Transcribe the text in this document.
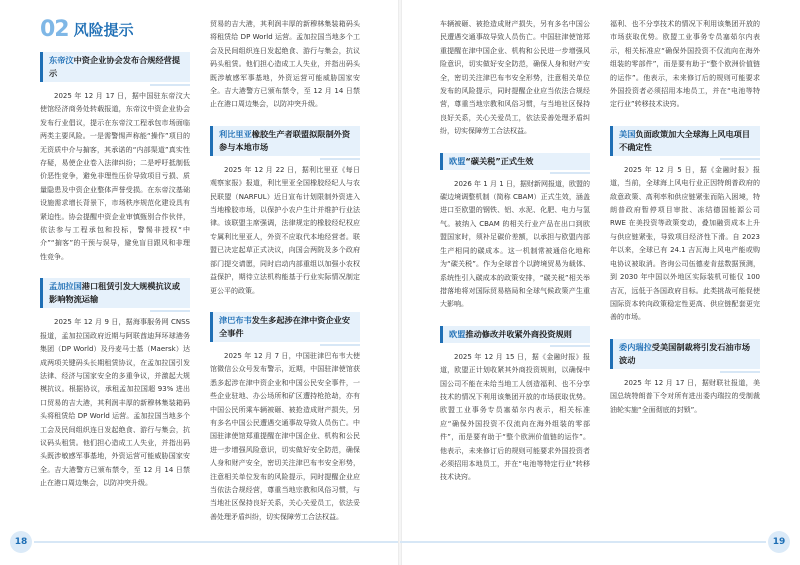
02 风险提示
东帝汶中资企业协会发布合规经营提示

2025 年 12 月 17 日，据中国驻东帝汶大使馆经济商务处转载报道，东帝汶中资企业协会发布行业倡议，提示在东帝汶工程承包市场面临两类主要风险。一是需警惕声称能“操作”项目的无资质中介与掮客，其承诺的“内部渠道”真实性存疑，易使企业卷入法律纠纷；二是呼吁抵制低价恶性竞争，避免非理性压价导致项目亏损、质量隐患及中资企业整体声誉受损。在东帝汶基础设施需求增长背景下，市场秩序规范化建设具有紧迫性。协会提醒中资企业审慎甄别合作伙伴，依法参与工程承包和投标，警惕非授权“中介”“掮客”的干预与误导，避免盲目跟风和非理性竞争。

孟加拉国港口租赁引发大规模抗议或影响物流运输

2025 年 12 月 9 日，据海事服务网 CNSS 报道，孟加拉国政府近期与阿联酋迪拜环球港务集团（DP World）及丹麦马士基（Maersk）达成两项关键码头长期租赁协议，在孟加拉国引发法律、经济与国家安全的多重争议，并激起大规模抗议。根据协议，承租孟加拉国超 93% 进出口贸易的吉大港，其利润丰厚的新穆林集装箱码头将租赁给 DP World 运营。孟加拉国当地多个工会及民间组织连日发起绝食、游行与集会，抗议码头租赁。他们担心造成工人失业，并指出码头既涉敏感军事基地，外资运营可能威胁国家安全。吉大港警方已颁布禁令，至 12 月 14 日禁止在港口周边集会，以防冲突升级。

贸易的吉大港，其利润丰厚的新穆林集装箱码头将租赁给 DP World 运营。孟加拉国当地多个工会及民间组织连日发起绝食、游行与集会，抗议码头租赁。他们担心造成工人失业，并指出码头既涉敏感军事基地，外资运营可能威胁国家安全。吉大港警方已颁布禁令，至 12 月 14 日禁止在港口周边集会，以防冲突升级。

利比里亚橡胶生产者联盟拟限制外资参与本地市场

2025 年 12 月 22 日，据利比里亚《每日观察家报》报道，利比里亚全国橡胶经纪人与农民联盟（NARFUL）近日宣布计划限制外资进入当地橡胶市场，以保护小农户生计并维护行业法律。该联盟主席强调，法律规定的橡胶经纪权应专属利比里亚人，外资不应取代本地经营者。联盟已决定起草正式决议，向国会两院及多个政府部门提交请愿，同时启动内部重组以加强小农权益保护，期待立法机构能基于行业实际情况制定更公平的政策。

津巴布韦发生多起涉在津中资企业安全事件

2025 年 12 月 7 日，中国驻津巴布韦大使馆微信公众号发布警示，近期，中国驻津使馆获悉多起涉在津中资企业和中国公民安全事件，一些企业驻地、办公场所和矿区遭持枪抢劫，亦有中国公民所乘车辆被砸、被抢造成财产损失，另有多名中国公民遭遇交通事故导致人员伤亡。中国驻津使馆郑重提醒在津中国企业、机构和公民进一步增强风险意识，切实做好安全防范，确保人身和财产安全，密切关注津巴布韦安全形势，注意相关单位发布的风险提示，同时提醒企业应当依法合规经营，尊重当地宗教和风俗习惯，与当地社区保持良好关系，关心关爱员工，依法妥善处理矛盾纠纷，切实保障劳工合法权益。

18

车辆被砸、被抢造成财产损失，另有多名中国公民遭遇交通事故导致人员伤亡。中国驻津使馆郑重提醒在津中国企业、机构和公民进一步增强风险意识，切实做好安全防范，确保人身和财产安全，密切关注津巴布韦安全形势，注意相关单位发布的风险提示，同时提醒企业应当依法合规经营，尊重当地宗教和风俗习惯，与当地社区保持良好关系，关心关爱员工，依法妥善处理矛盾纠纷，切实保障劳工合法权益。

欧盟“碳关税”正式生效

2026 年 1 月 1 日，据财新网报道，欧盟的碳边境调整机制（简称 CBAM）正式生效，涵盖进口至欧盟的钢铁、铝、水泥、化肥、电力与氢气。被纳入 CBAM 的相关行业产品在出口到欧盟国家时，须补足碳价差额，以承担与欧盟内部生产相同的碳成本。这一机制常被通俗化地称为“碳关税”。作为全球首个以跨境贸易为载体、系统性引入碳成本的政策安排，“碳关税”相关举措落地将对国际贸易格局和全球气候政策产生重大影响。

欧盟推动修改并收紧外商投资规则

2025 年 12 月 15 日，据《金融时报》报道，欧盟正计划收紧其外商投资规则，以确保中国公司不能在未给当地工人创造福利、也不分享技术的情况下利用该集团开放的市场获取优势。欧盟工业事务专员塞茹尔内表示，相关标准应“确保外国投资不仅流向在海外组装的零部件”，而是要有助于“整个欧洲价值链的运作”。他表示，未来修订后的规则可能要求外国投资者必须招用本地员工，并在“电池等特定行业”转移技术诀窍。

福利、也不分享技术的情况下利用该集团开放的市场获取优势。欧盟工业事务专员塞茹尔内表示，相关标准应“确保外国投资不仅流向在海外组装的零部件”，而是要有助于“整个欧洲价值链的运作”。他表示，未来修订后的规则可能要求外国投资者必须招用本地员工，并在“电池等特定行业”转移技术诀窍。

美国负面政策加大全球海上风电项目不确定性

2025 年 12 月 5 日，据《金融时报》报道，当前，全球海上风电行业正因特朗普政府的敌意政策、高利率和供应链紧张而陷入困境，特朗普政府暂停项目审批、冻结德国能源公司 RWE 在美投资等政策变动，叠加融资成本上升与供应链紧张，导致项目经济性下滑。自 2023 年以来，全球已有 24.1 吉瓦海上风电产能或购电协议被取消。咨询公司伍德麦肯兹数据预测，到 2030 年中国以外地区实际装机可能仅 100 吉瓦，远低于各国政府目标。此类挑战可能促使国际资本转向政策稳定性更高、供应链配套更完善的市场。

委内瑞拉受美国制裁将引发石油市场波动

2025 年 12 月 17 日，据财联社报道，美国总统特朗普下令对所有进出委内瑞拉的受制裁油轮实施“全面彻底的封锁”。

19
